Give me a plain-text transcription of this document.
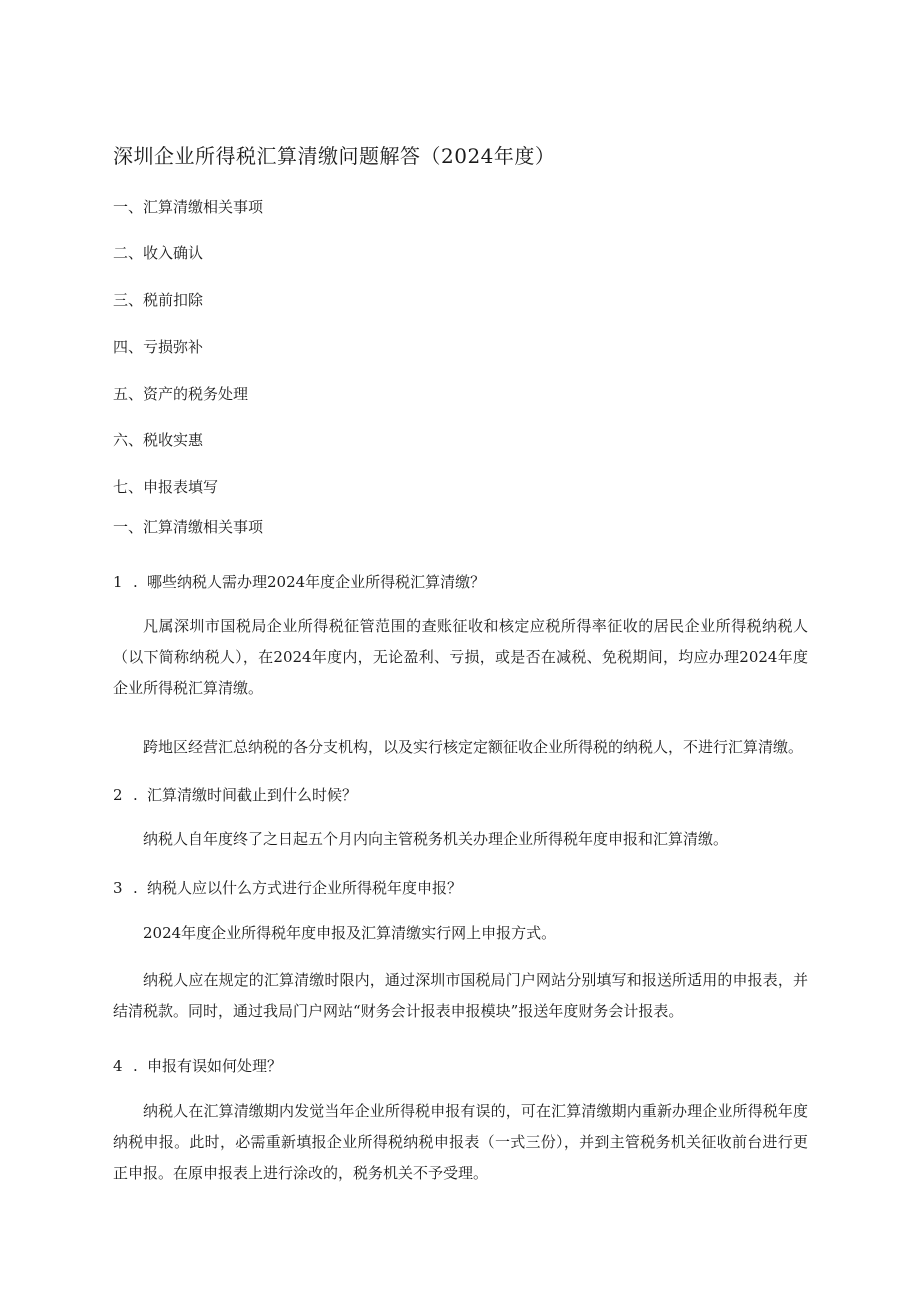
深圳企业所得税汇算清缴问题解答（2024年度）
一、汇算清缴相关事项
二、收入确认
三、税前扣除
四、亏损弥补
五、资产的税务处理
六、税收实惠
七、申报表填写
一、汇算清缴相关事项
1 . 哪些纳税人需办理2024年度企业所得税汇算清缴？
凡属深圳市国税局企业所得税征管范围的查账征收和核定应税所得率征收的居民企业所得税纳税人（以下简称纳税人），在2024年度内，无论盈利、亏损，或是否在减税、免税期间，均应办理2024年度企业所得税汇算清缴。
跨地区经营汇总纳税的各分支机构，以及实行核定定额征收企业所得税的纳税人，不进行汇算清缴。
2 . 汇算清缴时间截止到什么时候？
纳税人自年度终了之日起五个月内向主管税务机关办理企业所得税年度申报和汇算清缴。
3 . 纳税人应以什么方式进行企业所得税年度申报？
2024年度企业所得税年度申报及汇算清缴实行网上申报方式。
纳税人应在规定的汇算清缴时限内，通过深圳市国税局门户网站分别填写和报送所适用的申报表，并结清税款。同时，通过我局门户网站“财务会计报表申报模块”报送年度财务会计报表。
4 . 申报有误如何处理？
纳税人在汇算清缴期内发觉当年企业所得税申报有误的，可在汇算清缴期内重新办理企业所得税年度纳税申报。此时，必需重新填报企业所得税纳税申报表（一式三份），并到主管税务机关征收前台进行更正申报。在原申报表上进行涂改的，税务机关不予受理。
